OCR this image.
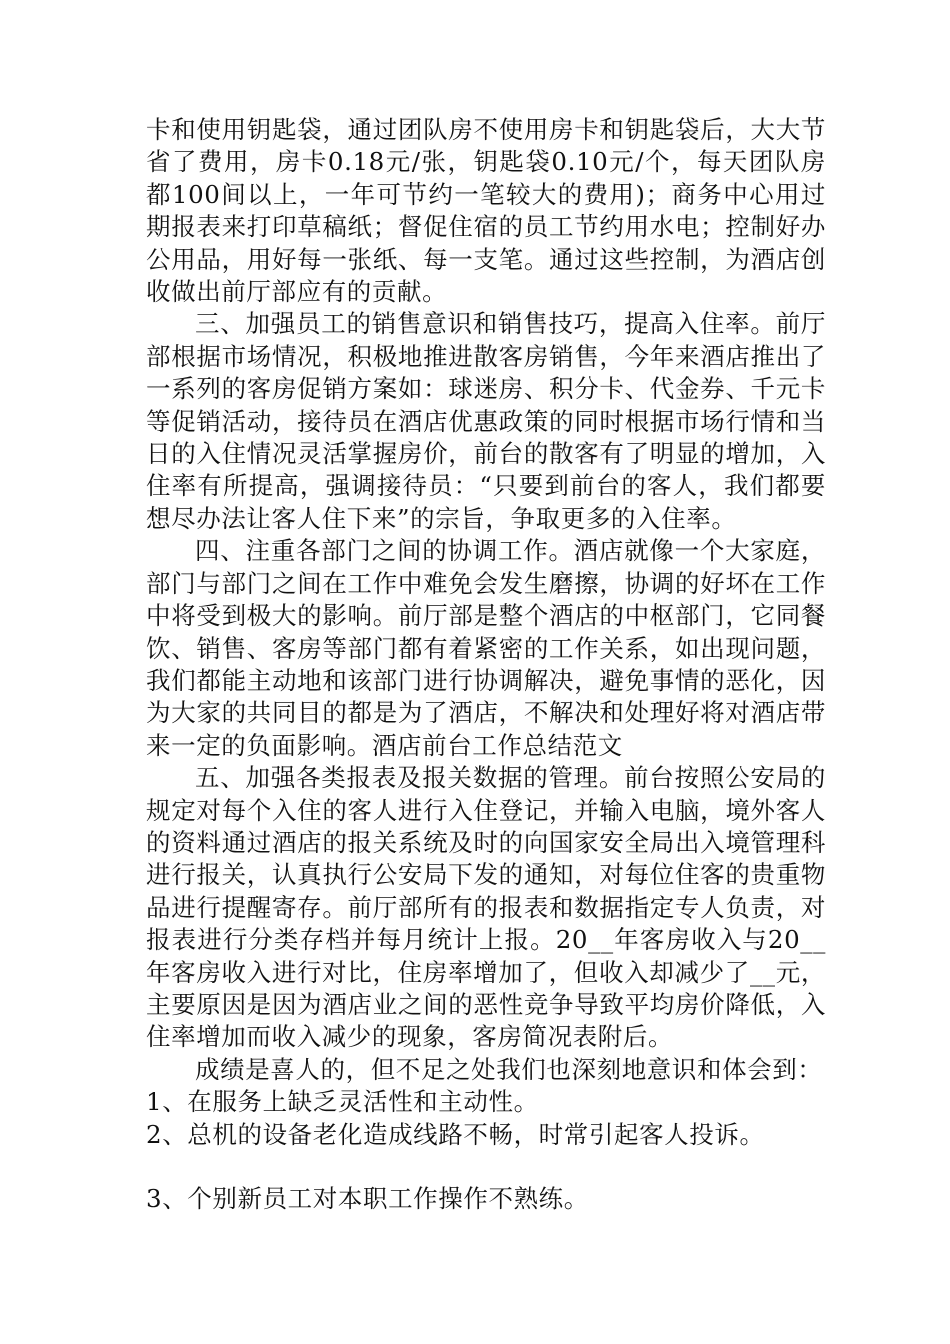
卡和使用钥匙袋，通过团队房不使用房卡和钥匙袋后，大大节省了费用，房卡0.18元/张，钥匙袋0.10元/个，每天团队房都100间以上，一年可节约一笔较大的费用)；商务中心用过期报表来打印草稿纸；督促住宿的员工节约用水电；控制好办公用品，用好每一张纸、每一支笔。通过这些控制，为酒店创收做出前厅部应有的贡献。

三、加强员工的销售意识和销售技巧，提高入住率。前厅部根据市场情况，积极地推进散客房销售，今年来酒店推出了一系列的客房促销方案如：球迷房、积分卡、代金券、千元卡等促销活动，接待员在酒店优惠政策的同时根据市场行情和当日的入住情况灵活掌握房价，前台的散客有了明显的增加，入住率有所提高，强调接待员：“只要到前台的客人，我们都要想尽办法让客人住下来”的宗旨，争取更多的入住率。

四、注重各部门之间的协调工作。酒店就像一个大家庭，部门与部门之间在工作中难免会发生磨擦，协调的好坏在工作中将受到极大的影响。前厅部是整个酒店的中枢部门，它同餐饮、销售、客房等部门都有着紧密的工作关系，如出现问题，我们都能主动地和该部门进行协调解决，避免事情的恶化，因为大家的共同目的都是为了酒店，不解决和处理好将对酒店带来一定的负面影响。酒店前台工作总结范文

五、加强各类报表及报关数据的管理。前台按照公安局的规定对每个入住的客人进行入住登记，并输入电脑，境外客人的资料通过酒店的报关系统及时的向国家安全局出入境管理科进行报关，认真执行公安局下发的通知，对每位住客的贵重物品进行提醒寄存。前厅部所有的报表和数据指定专人负责，对报表进行分类存档并每月统计上报。20__年客房收入与20__年客房收入进行对比，住房率增加了，但收入却减少了__元，主要原因是因为酒店业之间的恶性竞争导致平均房价降低，入住率增加而收入减少的现象，客房简况表附后。

成绩是喜人的，但不足之处我们也深刻地意识和体会到：

1、在服务上缺乏灵活性和主动性。

2、总机的设备老化造成线路不畅，时常引起客人投诉。

3、个别新员工对本职工作操作不熟练。
